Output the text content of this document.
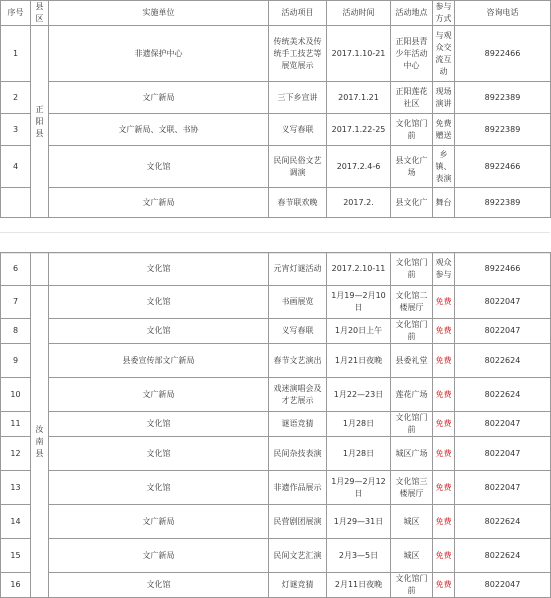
序号	县区	实施单位	活动项目	活动时间	活动地点	参与方式	咨询电话
1	正阳县	非遗保护中心	传统美术及传统手工技艺等展览展示	2017.1.10-21	正阳县青少年活动中心	与观众交流互动	8922466
2		文广新局	三下乡宣讲	2017.1.21	正阳莲花社区	现场演讲	8922389
3		文广新局、文联、书协	义写春联	2017.1.22-25	文化馆门前	免费赠送	8922389
4		文化馆	民间民俗文艺调演	2017.2.4-6	县文化广场	乡镇、表演	8922466
		文广新局	春节联欢晚	2017.2.	县文化广	舞台	8922389
6		文化馆	元宵灯谜活动	2017.2.10-11	文化馆门前	观众参与	8922466
7	汝南县	文化馆	书画展览	1月19—2月10日	文化馆二楼展厅	免费	8022047
8		文化馆	义写春联	1月20日上午	文化馆门前	免费	8022047
9		县委宣传部文广新局	春节文艺演出	1月21日夜晚	县委礼堂	免费	8022624
10		文广新局	戏迷演唱会及才艺展示	1月22—23日	莲花广场	免费	8022624
11		文化馆	谜语竞猜	1月28日	文化馆门前	免费	8022047
12		文化馆	民间杂技表演	1月28日	城区广场	免费	8022047
13		文化馆	非遗作品展示	1月29—2月12日	文化馆三楼展厅	免费	8022047
14		文广新局	民营剧团展演	1月29—31日	城区	免费	8022624
15		文广新局	民间文艺汇演	2月3—5日	城区	免费	8022624
16		文化馆	灯谜竞猜	2月11日夜晚	文化馆门前	免费	8022047
